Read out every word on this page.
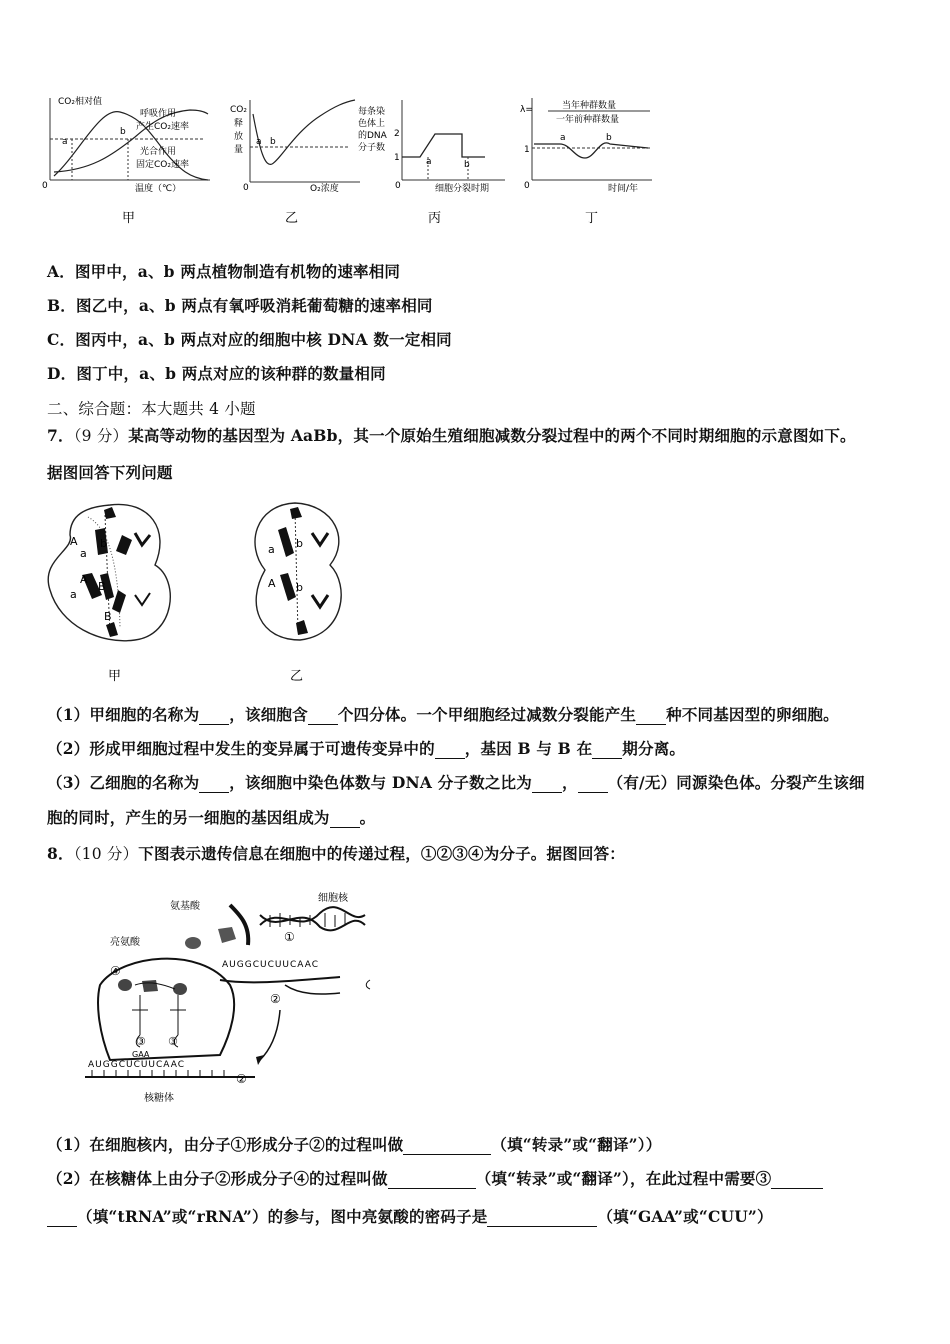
CO₂相对值
a
b
呼吸作用
产生CO₂速率
光合作用
固定CO₂速率
0	温度（℃）
甲
CO₂
释
放
量
a b
0	O₂浓度
乙
每条染
色体上
的DNA
分子数
2
1	a	b
0	细胞分裂时期
丙
λ=	当年种群数量
一年前种群数量
1
a	b
0	时间/年
丁
A．图甲中，a、b 两点植物制造有机物的速率相同
B．图乙中，a、b 两点有氧呼吸消耗葡萄糖的速率相同
C．图丙中，a、b 两点对应的细胞中核 DNA 数一定相同
D．图丁中，a、b 两点对应的该种群的数量相同
二、综合题：本大题共 4 小题
7．（9 分）某高等动物的基因型为 AaBb，其一个原始生殖细胞减数分裂过程中的两个不同时期细胞的示意图如下。
据图回答下列问题
A
a
b
A
a
B
B
甲
a b
A b
乙
（1）甲细胞的名称为 ，该细胞含 个四分体。一个甲细胞经过减数分裂能产生 种不同基因型的卵细胞。
（2）形成甲细胞过程中发生的变异属于可遗传变异中的 ，基因 B 与 B 在 期分离。
（3）乙细胞的名称为 ，该细胞中染色体数与 DNA 分子数之比为 ， （有/无）同源染色体。分裂产生该细
胞的同时，产生的另一细胞的基因组成为 。
8．（10 分）下图表示遗传信息在细胞中的传递过程，①②③④为分子。据图回答：
氨基酸
细胞核
亮氨酸	①
AUGGCUCUUCAAC
②
④
③ ③
GAA
AUGGCUCUUCAAC
②
核糖体
（1）在细胞核内，由分子①形成分子②的过程叫做	（填“转录”或“翻译”））
（2）在核糖体上由分子②形成分子④的过程叫做	（填“转录”或“翻译”），在此过程中需要③
（填“tRNA”或“rRNA”）的参与，图中亮氨酸的密码子是	（填“GAA”或“CUU”）
